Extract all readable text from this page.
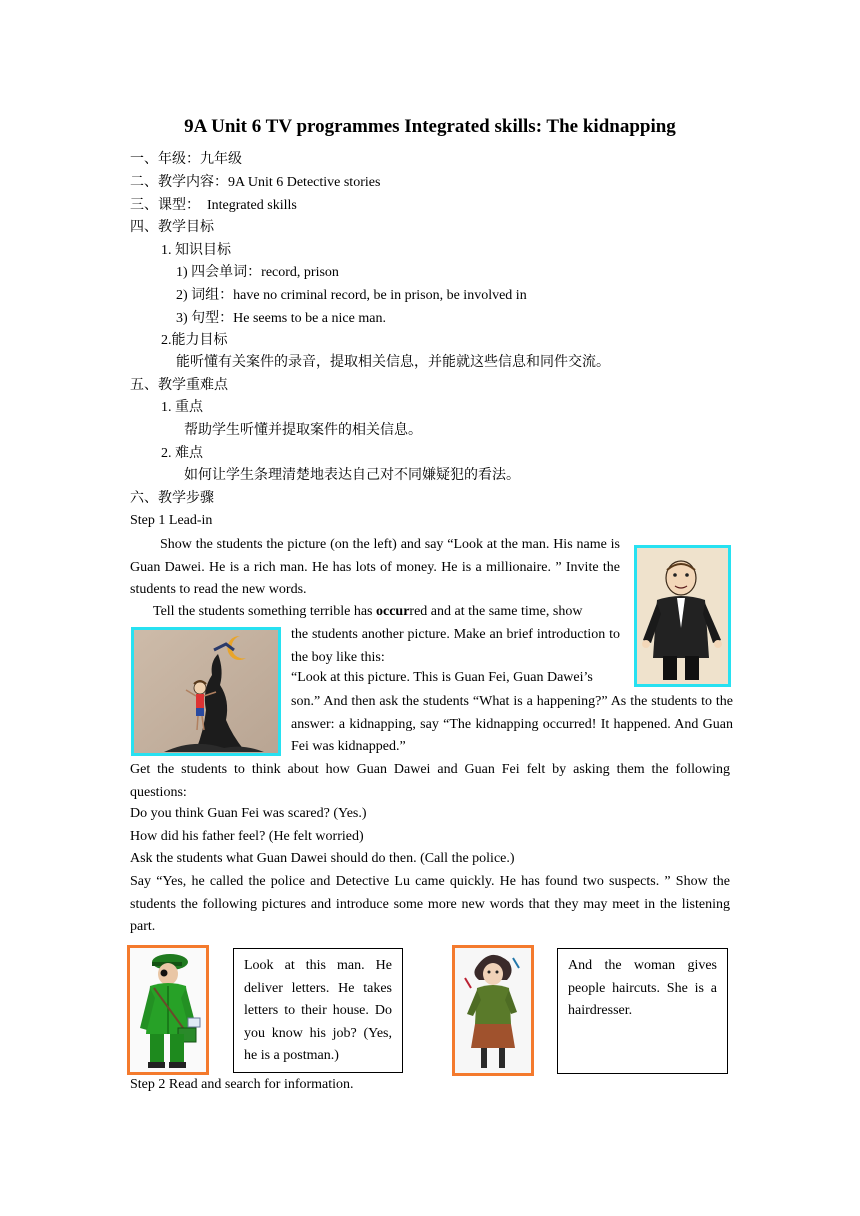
9A Unit 6 TV programmes Integrated skills: The kidnapping
一、年级：九年级
二、教学内容：9A Unit 6 Detective stories
三、课型：　Integrated skills
四、教学目标
1. 知识目标
1) 四会单词：record, prison
2) 词组：have no criminal record, be in prison, be involved in
3) 句型：He seems to be a nice man.
2.能力目标
能听懂有关案件的录音，提取相关信息，并能就这些信息和同件交流。
五、教学重难点
1. 重点
帮助学生听懂并提取案件的相关信息。
2. 难点
如何让学生条理清楚地表达自己对不同嫌疑犯的看法。
六、教学步骤
Step 1 Lead-in
Show the students the picture (on the left) and say “Look at the man. His name is Guan Dawei. He is a rich man. He has lots of money. He is a millionaire. ” Invite the students to read the new words.
Tell the students something terrible has occurred and at the same time, show
the students another picture. Make an brief introduction to the boy like this:
“Look at this picture. This is Guan Fei, Guan Dawei’s
son.” And then ask the students “What is a happening?” As the students to the answer: a kidnapping, say “The kidnapping occurred! It happened. And Guan Fei was kidnapped.”
Get the students to think about how Guan Dawei and Guan Fei felt by asking them the following questions:
Do you think Guan Fei was scared? (Yes.)
How did his father feel? (He felt worried)
Ask the students what Guan Dawei should do then. (Call the police.)
Say “Yes, he called the police and Detective Lu came quickly. He has found two suspects. ” Show the students the following pictures and introduce some more new words that they may meet in the listening part.
Look at this man. He deliver letters. He takes letters to their house. Do you know his job? (Yes, he is a postman.)
And the woman gives people haircuts. She is a hairdresser.
Step 2 Read and search for information.
